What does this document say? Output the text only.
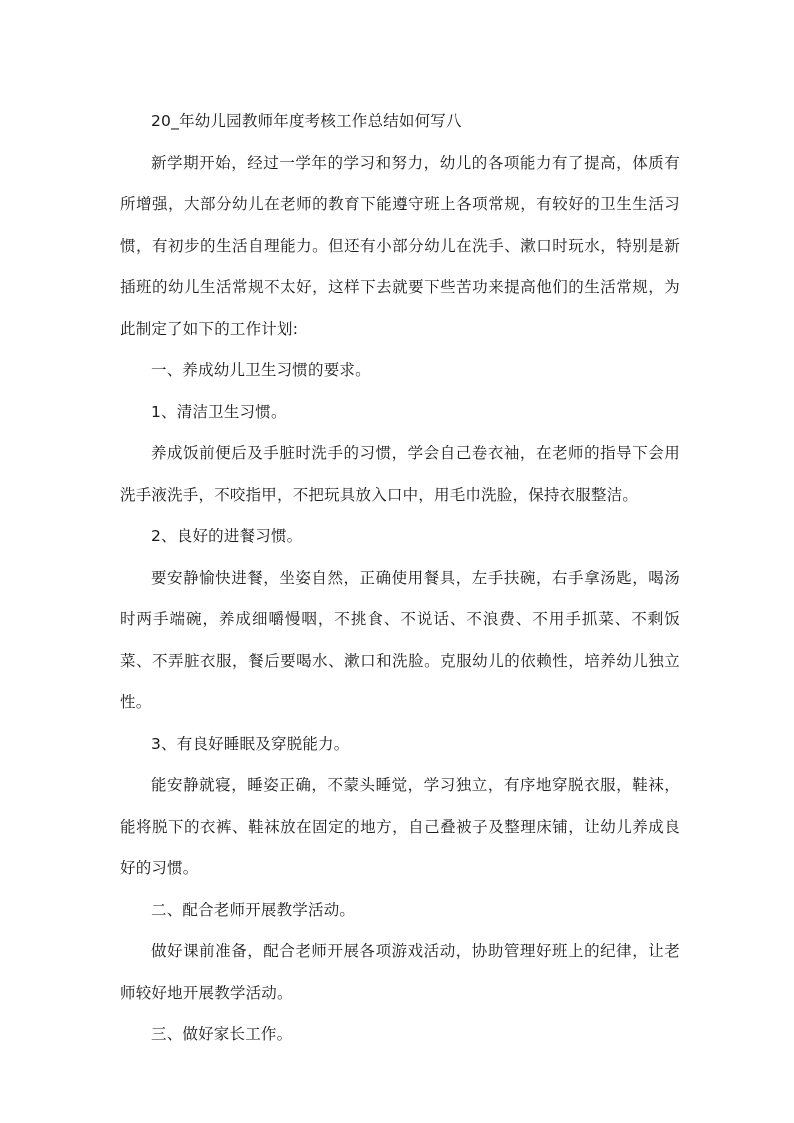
20_年幼儿园教师年度考核工作总结如何写八

新学期开始，经过一学年的学习和努力，幼儿的各项能力有了提高，体质有所增强，大部分幼儿在老师的教育下能遵守班上各项常规，有较好的卫生生活习惯，有初步的生活自理能力。但还有小部分幼儿在洗手、漱口时玩水，特别是新插班的幼儿生活常规不太好，这样下去就要下些苦功来提高他们的生活常规，为此制定了如下的工作计划:

一、养成幼儿卫生习惯的要求。

1、清洁卫生习惯。

养成饭前便后及手脏时洗手的习惯，学会自己卷衣袖，在老师的指导下会用洗手液洗手，不咬指甲，不把玩具放入口中，用毛巾洗脸，保持衣服整洁。

2、良好的进餐习惯。

要安静愉快进餐，坐姿自然，正确使用餐具，左手扶碗，右手拿汤匙，喝汤时两手端碗，养成细嚼慢咽，不挑食、不说话、不浪费、不用手抓菜、不剩饭菜、不弄脏衣服，餐后要喝水、漱口和洗脸。克服幼儿的依赖性，培养幼儿独立性。

3、有良好睡眠及穿脱能力。

能安静就寝，睡姿正确，不蒙头睡觉，学习独立，有序地穿脱衣服，鞋袜，能将脱下的衣裤、鞋袜放在固定的地方，自己叠被子及整理床铺，让幼儿养成良好的习惯。

二、配合老师开展教学活动。

做好课前准备，配合老师开展各项游戏活动，协助管理好班上的纪律，让老师较好地开展教学活动。

三、做好家长工作。
